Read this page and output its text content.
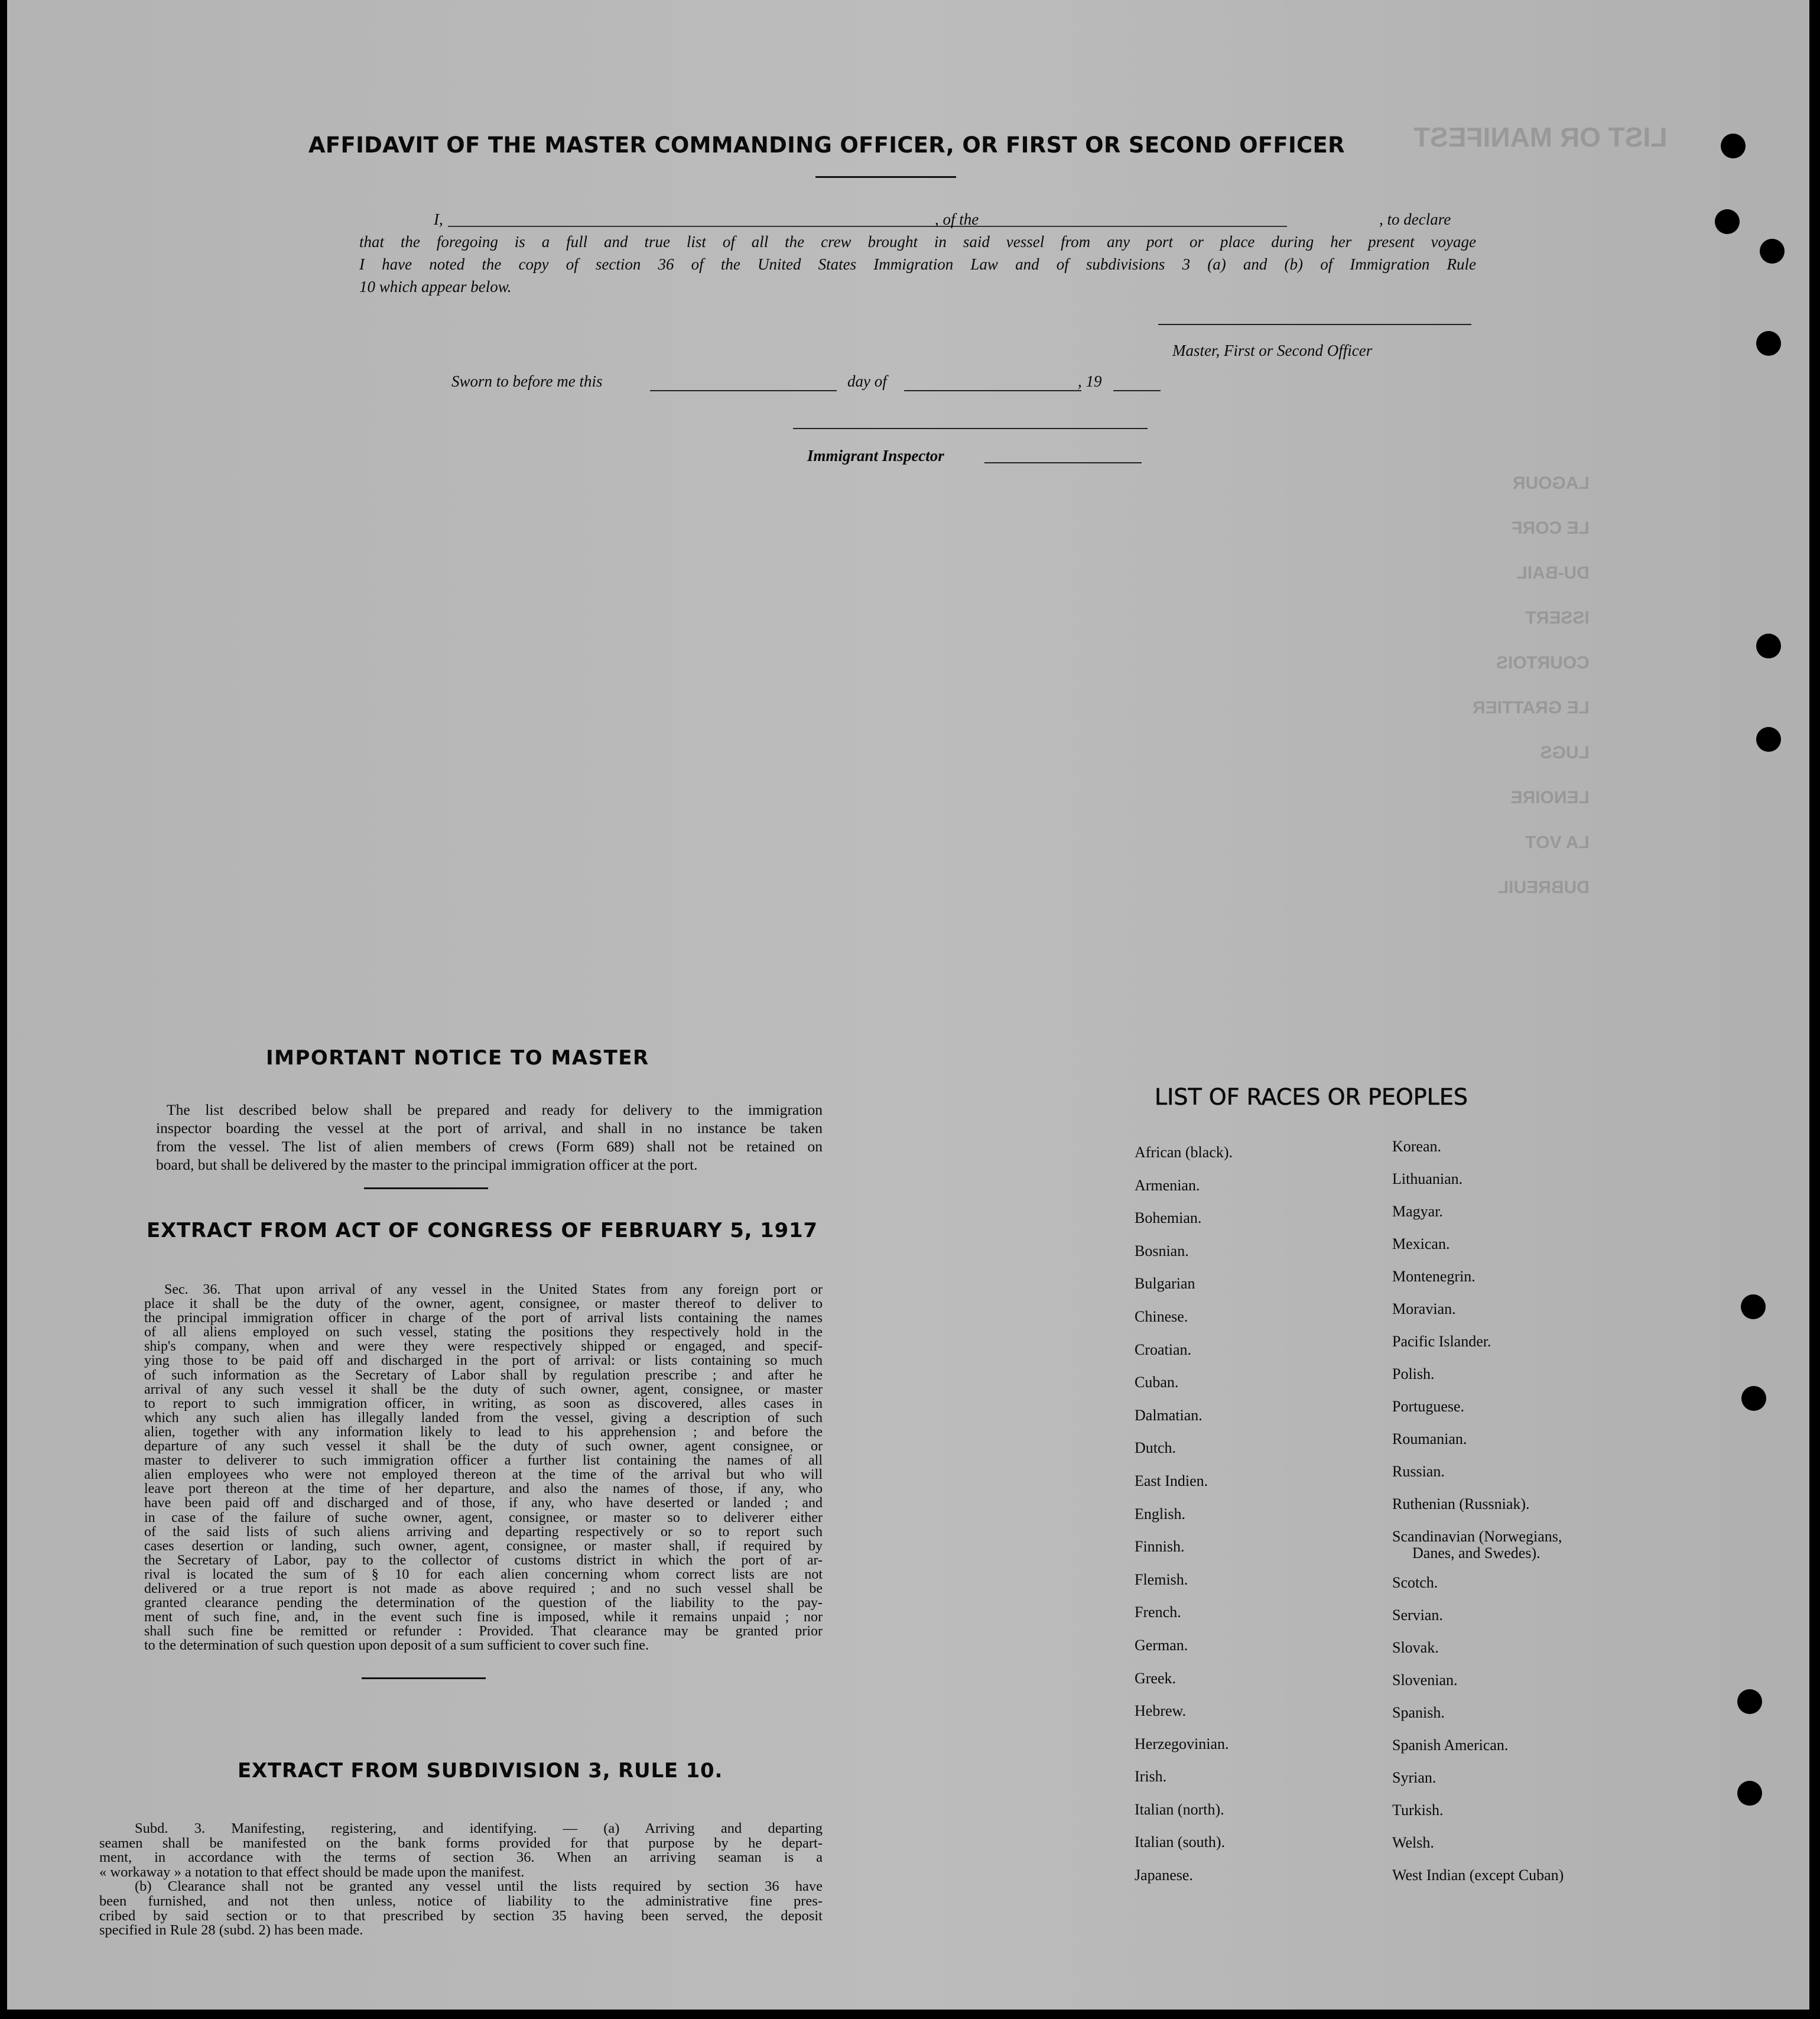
LIST OR MANIFEST
LAGOUR
LE CORF
DU-BAIL
ISSERT
COURTOIS
LE GRATTIER
LUGS
LENOIRE
LA VOT
DUBREUIL
AFFIDAVIT OF THE MASTER COMMANDING OFFICER, OR FIRST OR SECOND OFFICER
I,	, of the	, to declare
that the foregoing is a full and true list of all the crew brought in said vessel from any port or place during her present voyage
I have noted the copy of section 36 of the United States Immigration Law and of subdivisions 3 (a) and (b) of Immigration Rule
10 which appear below.
Master, First or Second Officer
Sworn to before me this	day of	, 19
Immigrant Inspector
IMPORTANT NOTICE TO MASTER
The list described below shall be prepared and ready for delivery to the immigration
inspector boarding the vessel at the port of arrival, and shall in no instance be taken
from the vessel. The list of alien members of crews (Form 689) shall not be retained on
board, but shall be delivered by the master to the principal immigration officer at the port.
EXTRACT FROM ACT OF CONGRESS OF FEBRUARY 5, 1917
Sec. 36. That upon arrival of any vessel in the United States from any foreign port or
place it shall be the duty of the owner, agent, consignee, or master thereof to deliver to
the principal immigration officer in charge of the port of arrival lists containing the names
of all aliens employed on such vessel, stating the positions they respectively hold in the
ship's company, when and were they were respectively shipped or engaged, and specif-
ying those to be paid off and discharged in the port of arrival: or lists containing so much
of such information as the Secretary of Labor shall by regulation prescribe ; and after he
arrival of any such vessel it shall be the duty of such owner, agent, consignee, or master
to report to such immigration officer, in writing, as soon as discovered, alles cases in
which any such alien has illegally landed from the vessel, giving a description of such
alien, together with any information likely to lead to his apprehension ; and before the
departure of any such vessel it shall be the duty of such owner, agent consignee, or
master to deliverer to such immigration officer a further list containing the names of all
alien employees who were not employed thereon at the time of the arrival but who will
leave port thereon at the time of her departure, and also the names of those, if any, who
have been paid off and discharged and of those, if any, who have deserted or landed ; and
in case of the failure of suche owner, agent, consignee, or master so to deliverer either
of the said lists of such aliens arriving and departing respectively or so to report such
cases desertion or landing, such owner, agent, consignee, or master shall, if required by
the Secretary of Labor, pay to the collector of customs district in which the port of ar-
rival is located the sum of § 10 for each alien concerning whom correct lists are not
delivered or a true report is not made as above required ; and no such vessel shall be
granted clearance pending the determination of the question of the liability to the pay-
ment of such fine, and, in the event such fine is imposed, while it remains unpaid ; nor
shall such fine be remitted or refunder : Provided. That clearance may be granted prior
to the determination of such question upon deposit of a sum sufficient to cover such fine.
EXTRACT FROM SUBDIVISION 3, RULE 10.
Subd. 3. Manifesting, registering, and identifying. — (a) Arriving and departing
seamen shall be manifested on the bank forms provided for that purpose by he depart-
ment, in accordance with the terms of section 36. When an arriving seaman is a
« workaway » a notation to that effect should be made upon the manifest.
(b) Clearance shall not be granted any vessel until the lists required by section 36 have
been furnished, and not then unless, notice of liability to the administrative fine pres-
cribed by said section or to that prescribed by section 35 having been served, the deposit
specified in Rule 28 (subd. 2) has been made.
LIST OF RACES OR PEOPLES
African (black).
Armenian.
Bohemian.
Bosnian.
Bulgarian
Chinese.
Croatian.
Cuban.
Dalmatian.
Dutch.
East Indien.
English.
Finnish.
Flemish.
French.
German.
Greek.
Hebrew.
Herzegovinian.
Irish.
Italian (north).
Italian (south).
Japanese.
Korean.
Lithuanian.
Magyar.
Mexican.
Montenegrin.
Moravian.
Pacific Islander.
Polish.
Portuguese.
Roumanian.
Russian.
Ruthenian (Russniak).
Scandinavian (Norwegians,
Danes, and Swedes).
Scotch.
Servian.
Slovak.
Slovenian.
Spanish.
Spanish American.
Syrian.
Turkish.
Welsh.
West Indian (except Cuban)
